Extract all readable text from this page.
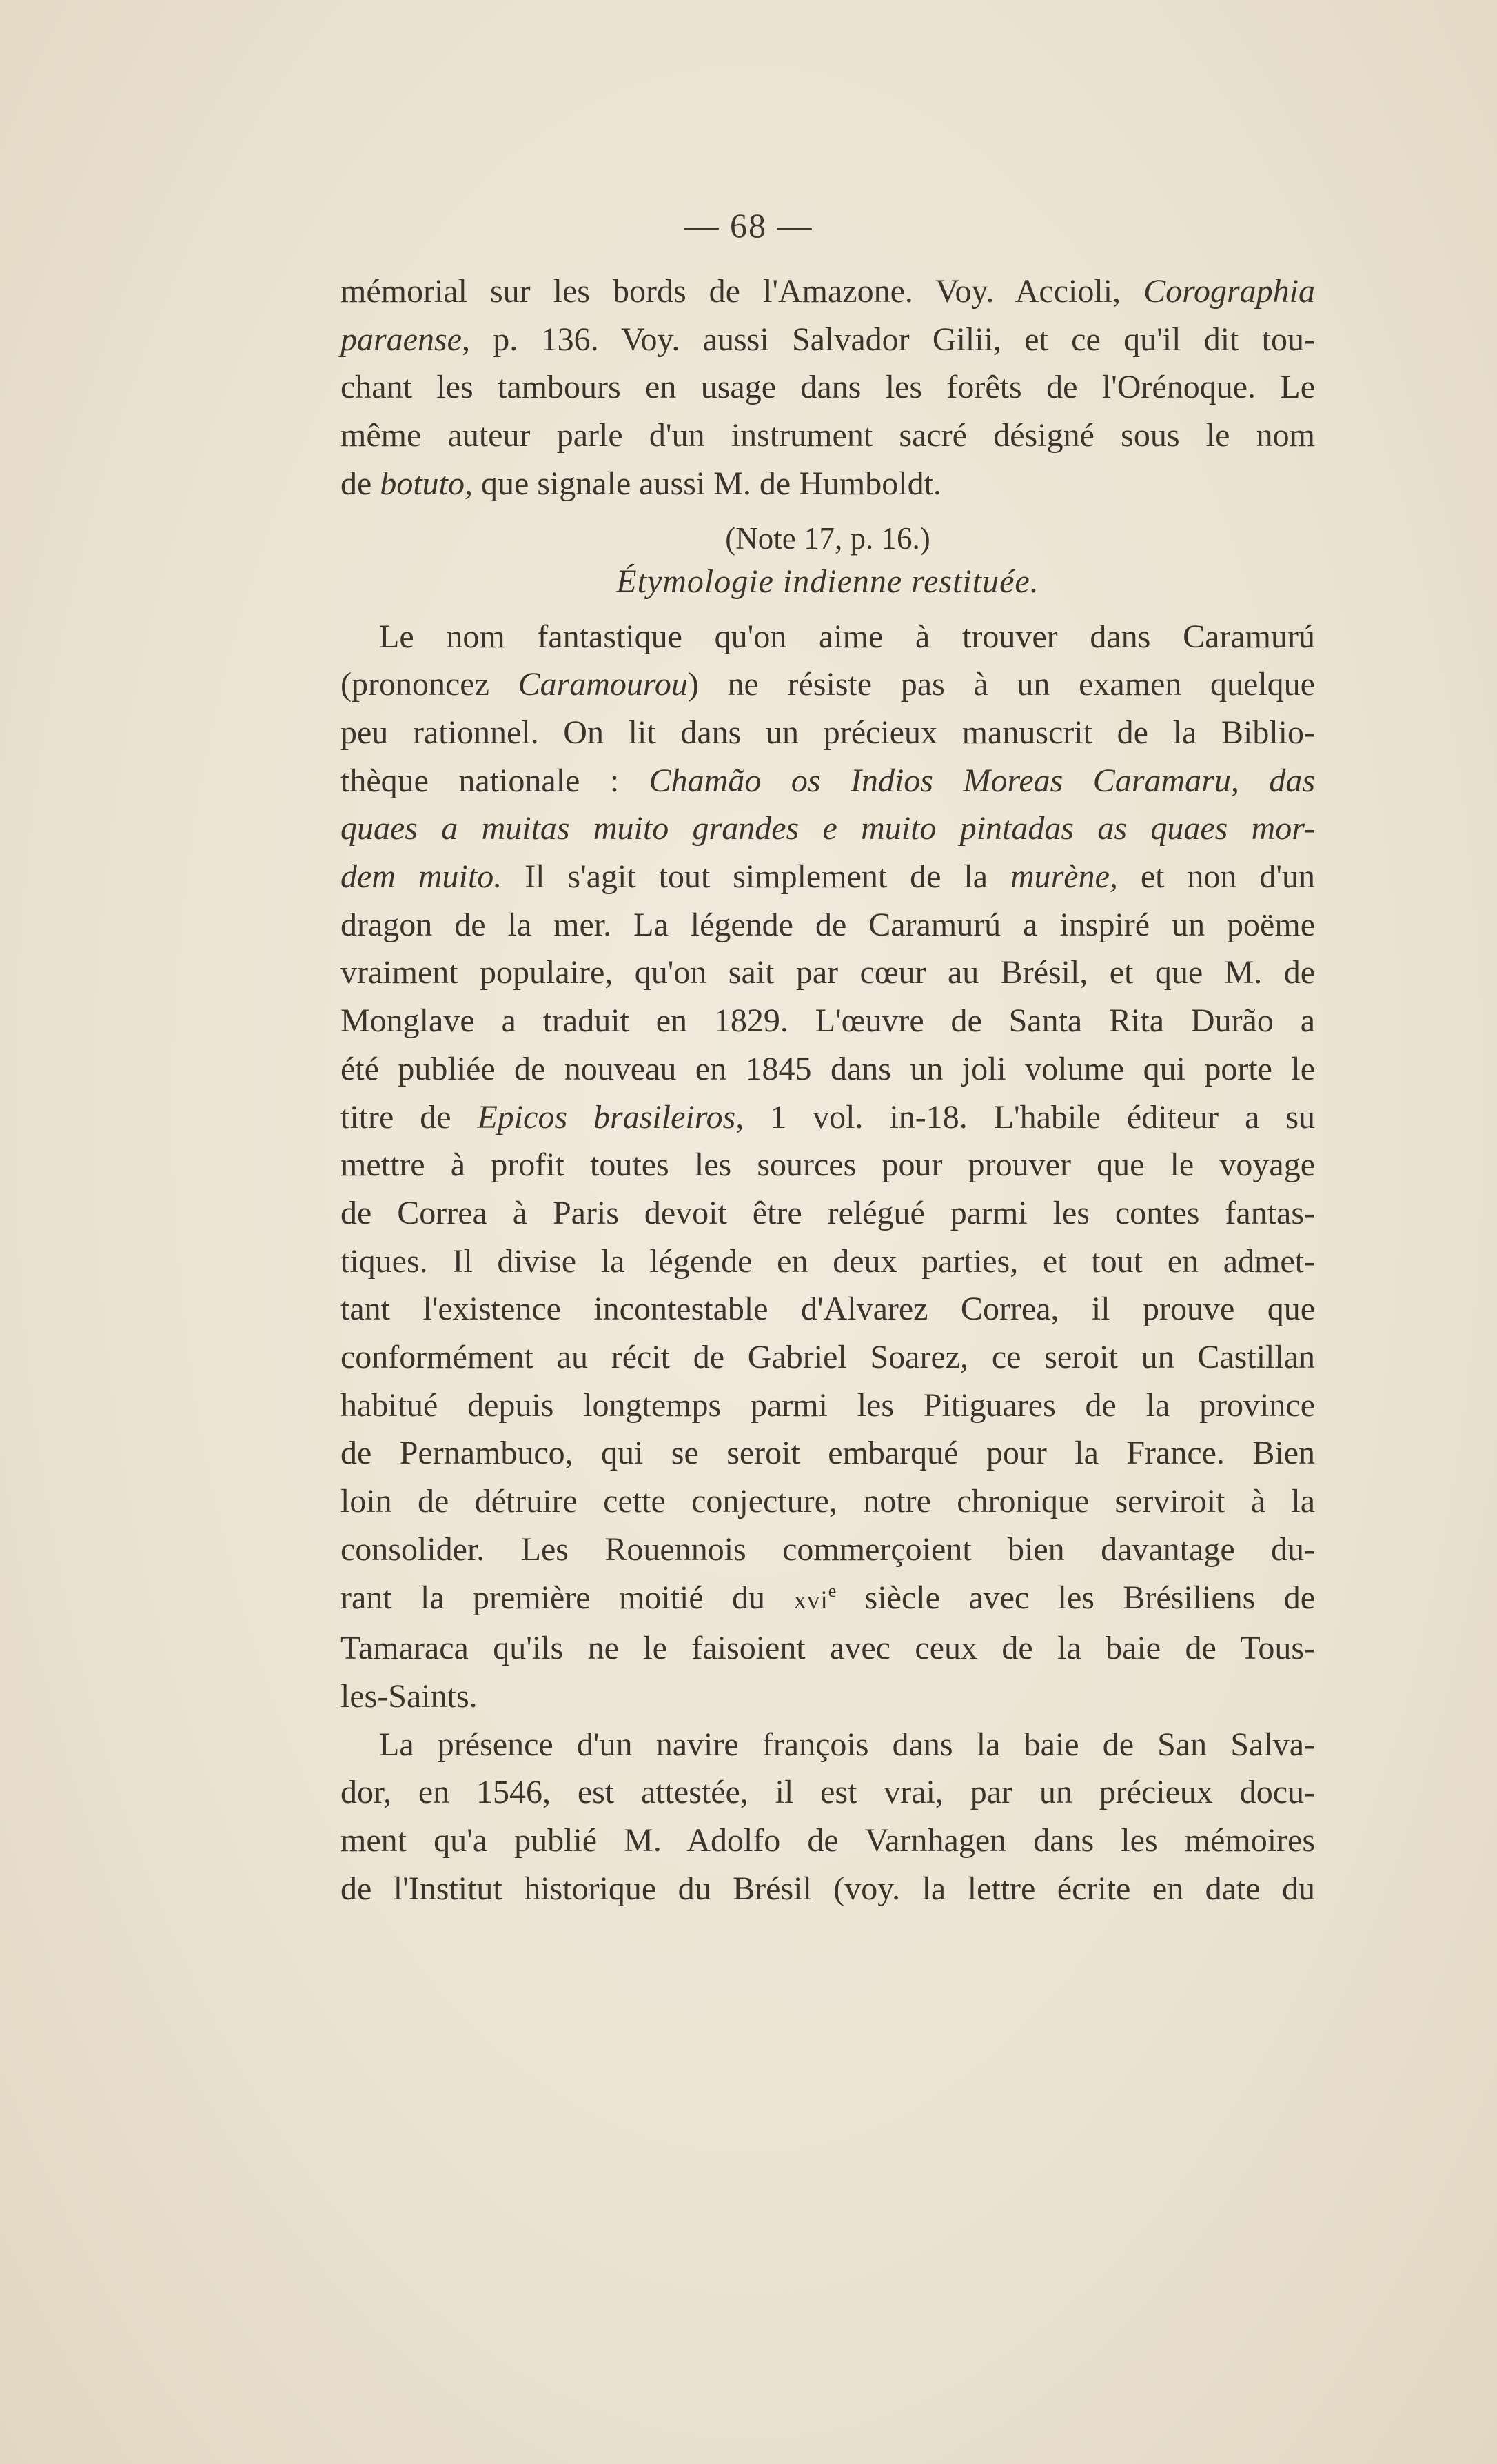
— 68 —

mémorial sur les bords de l'Amazone. Voy. Accioli, Corographia

paraense, p. 136. Voy. aussi Salvador Gilii, et ce qu'il dit tou-

chant les tambours en usage dans les forêts de l'Orénoque. Le

même auteur parle d'un instrument sacré désigné sous le nom

de botuto, que signale aussi M. de Humboldt.

(Note 17, p. 16.)
Étymologie indienne restituée.

Le nom fantastique qu'on aime à trouver dans Caramurú

(prononcez Caramourou) ne résiste pas à un examen quelque

peu rationnel. On lit dans un précieux manuscrit de la Biblio-

thèque nationale : Chamão os Indios Moreas Caramaru, das

quaes a muitas muito grandes e muito pintadas as quaes mor-

dem muito. Il s'agit tout simplement de la murène, et non d'un

dragon de la mer. La légende de Caramurú a inspiré un poëme

vraiment populaire, qu'on sait par cœur au Brésil, et que M. de

Monglave a traduit en 1829. L'œuvre de Santa Rita Durão a

été publiée de nouveau en 1845 dans un joli volume qui porte le

titre de Epicos brasileiros, 1 vol. in-18. L'habile éditeur a su

mettre à profit toutes les sources pour prouver que le voyage

de Correa à Paris devoit être relégué parmi les contes fantas-

tiques. Il divise la légende en deux parties, et tout en admet-

tant l'existence incontestable d'Alvarez Correa, il prouve que

conformément au récit de Gabriel Soarez, ce seroit un Castillan

habitué depuis longtemps parmi les Pitiguares de la province

de Pernambuco, qui se seroit embarqué pour la France. Bien

loin de détruire cette conjecture, notre chronique serviroit à la

consolider. Les Rouennois commerçoient bien davantage du-

rant la première moitié du xvi$^e$ siècle avec les Brésiliens de

Tamaraca qu'ils ne le faisoient avec ceux de la baie de Tous-

les-Saints.

La présence d'un navire françois dans la baie de San Salva-

dor, en 1546, est attestée, il est vrai, par un précieux docu-

ment qu'a publié M. Adolfo de Varnhagen dans les mémoires

de l'Institut historique du Brésil (voy. la lettre écrite en date du
